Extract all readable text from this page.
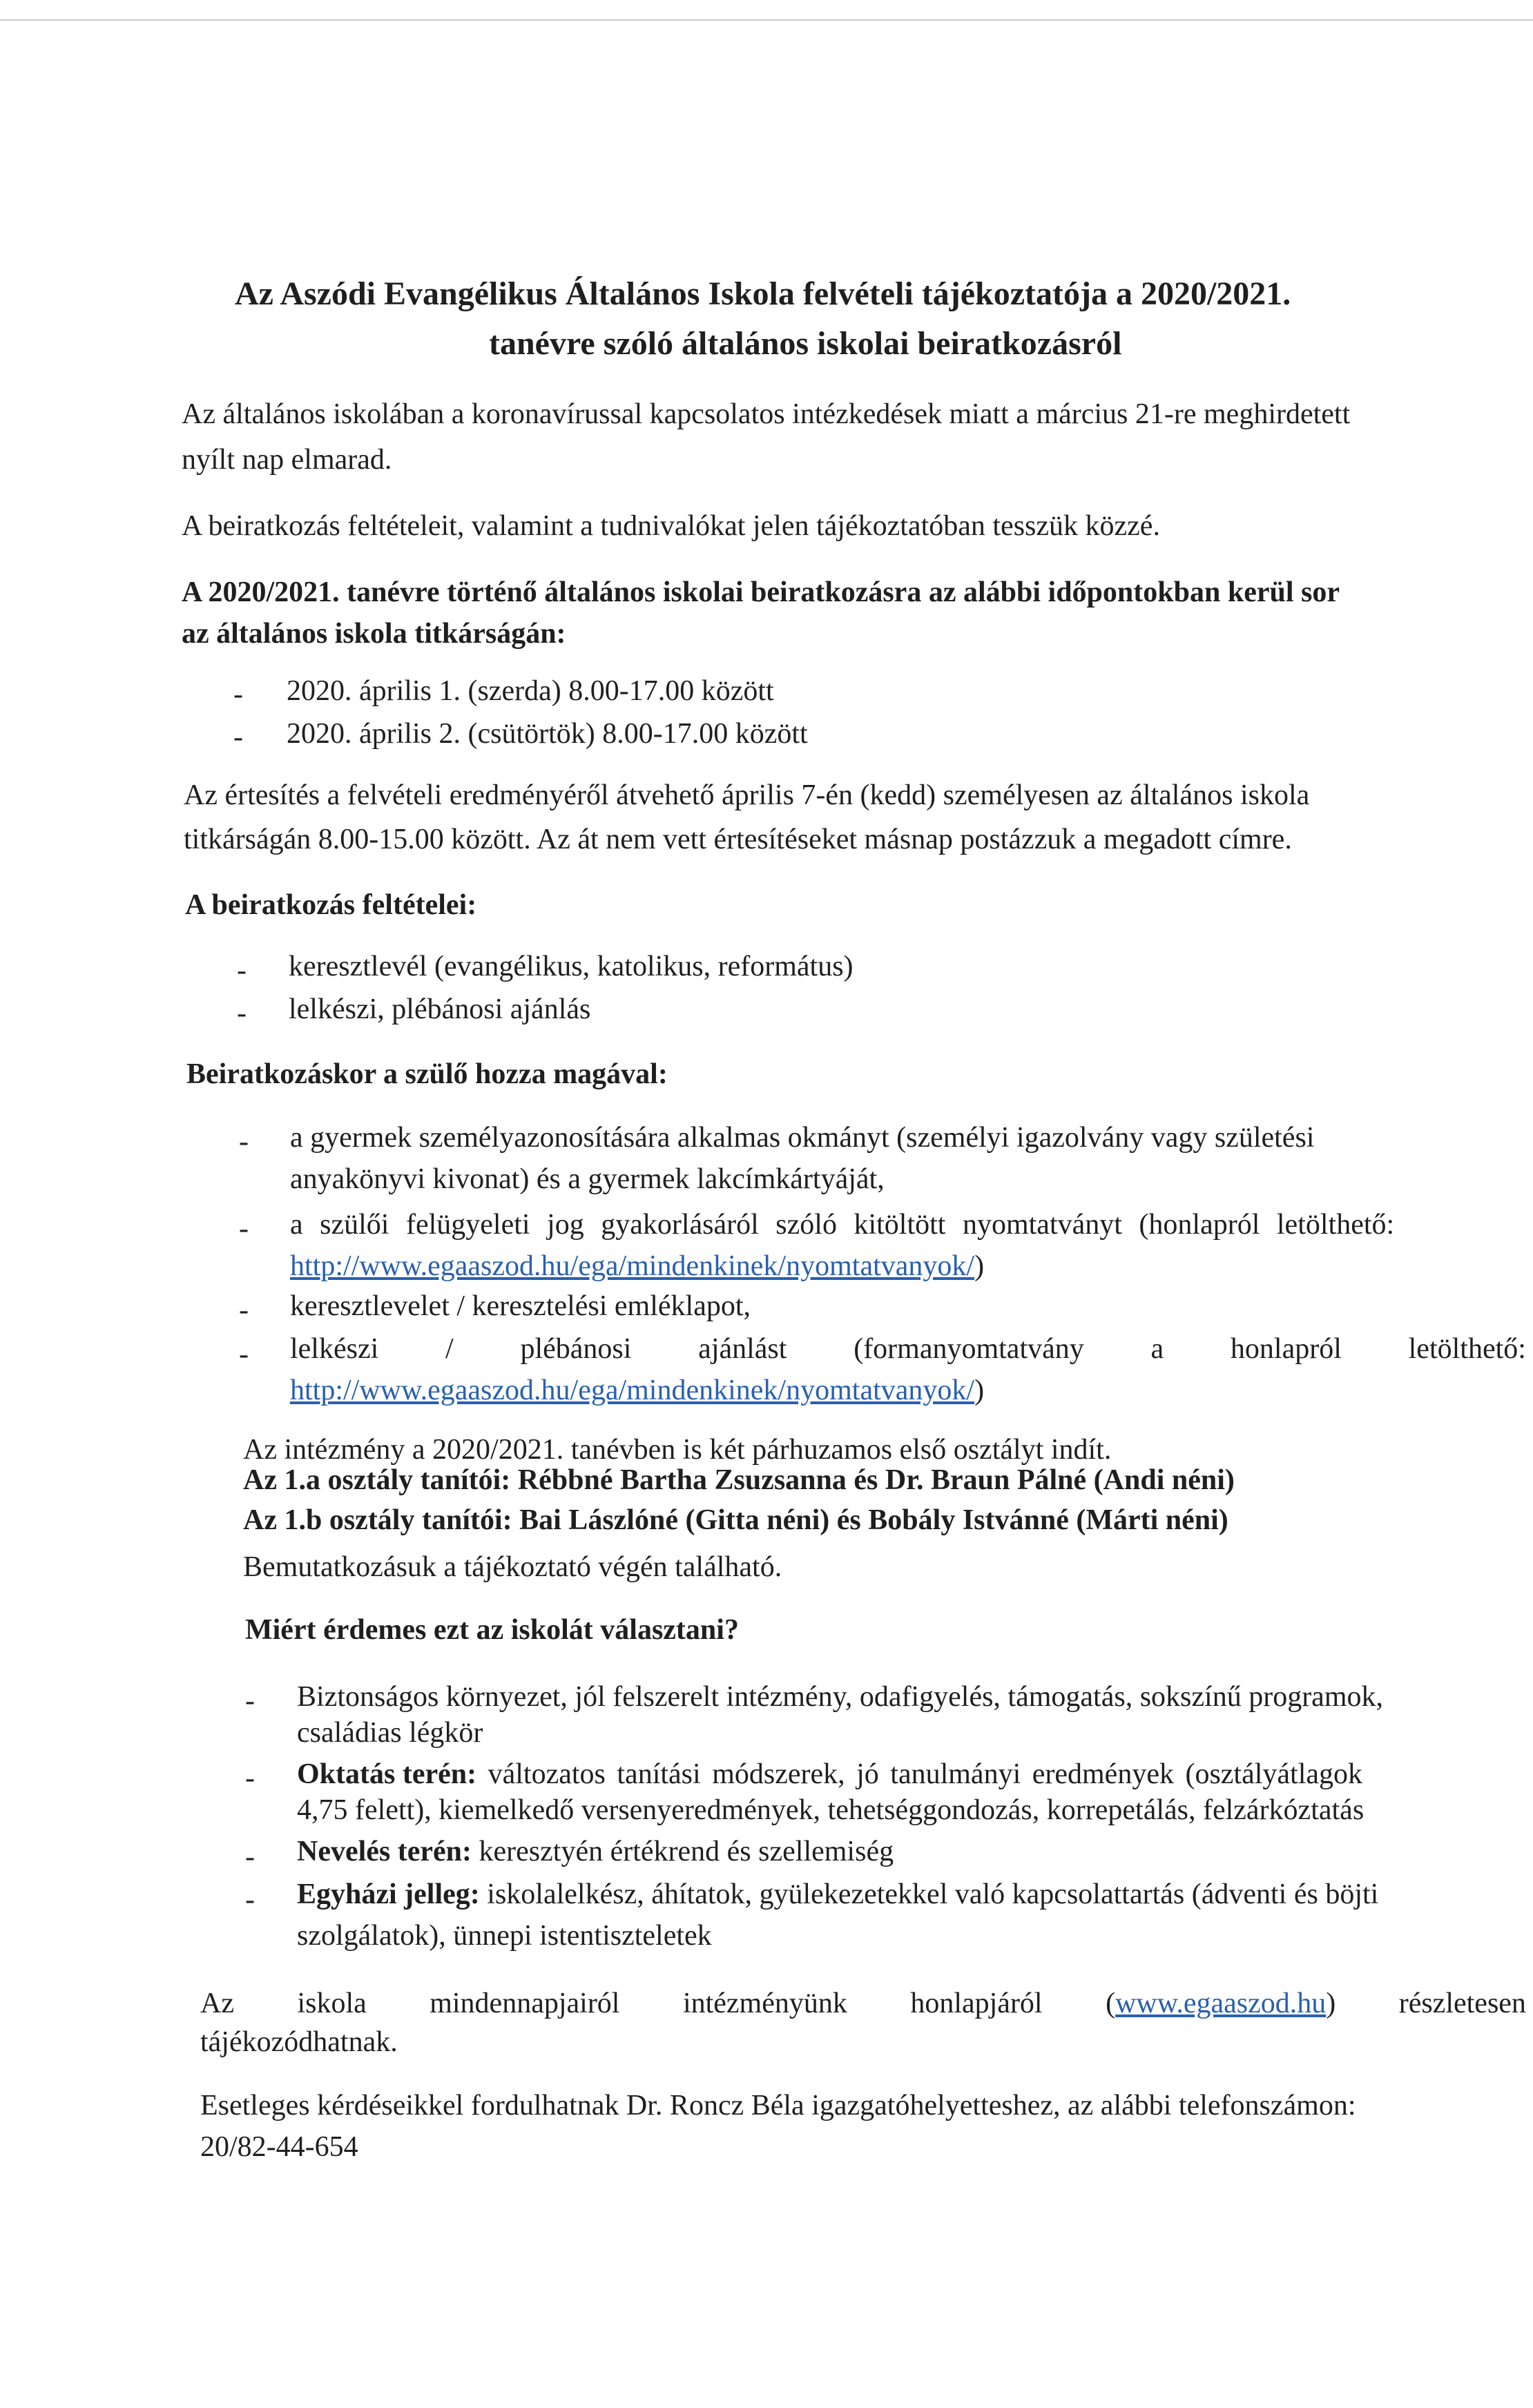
Az Aszódi Evangélikus Általános Iskola felvételi tájékoztatója a 2020/2021.
tanévre szóló általános iskolai beiratkozásról
Az általános iskolában a koronavírussal kapcsolatos intézkedések miatt a március 21-re meghirdetett
nyílt nap elmarad.
A beiratkozás feltételeit, valamint a tudnivalókat jelen tájékoztatóban tesszük közzé.
A 2020/2021. tanévre történő általános iskolai beiratkozásra az alábbi időpontokban kerül sor
az általános iskola titkárságán:
- 2020. április 1. (szerda) 8.00-17.00 között
- 2020. április 2. (csütörtök) 8.00-17.00 között
Az értesítés a felvételi eredményéről átvehető április 7-én (kedd) személyesen az általános iskola
titkárságán 8.00-15.00 között. Az át nem vett értesítéseket másnap postázzuk a megadott címre.
A beiratkozás feltételei:
- keresztlevél (evangélikus, katolikus, református)
- lelkészi, plébánosi ajánlás
Beiratkozáskor a szülő hozza magával:
- a gyermek személyazonosítására alkalmas okmányt (személyi igazolvány vagy születési
anyakönyvi kivonat) és a gyermek lakcímkártyáját,
- a szülői felügyeleti jog gyakorlásáról szóló kitöltött nyomtatványt (honlapról letölthető:
http://www.egaaszod.hu/ega/mindenkinek/nyomtatvanyok/)
- keresztlevelet / keresztelési emléklapot,
- lelkészi / plébánosi ajánlást (formanyomtatvány a honlapról letölthető:
http://www.egaaszod.hu/ega/mindenkinek/nyomtatvanyok/)
Az intézmény a 2020/2021. tanévben is két párhuzamos első osztályt indít.
Az 1.a osztály tanítói: Rébbné Bartha Zsuzsanna és Dr. Braun Pálné (Andi néni)
Az 1.b osztály tanítói: Bai Lászlóné (Gitta néni) és Bobály Istvánné (Márti néni)
Bemutatkozásuk a tájékoztató végén található.
Miért érdemes ezt az iskolát választani?
- Biztonságos környezet, jól felszerelt intézmény, odafigyelés, támogatás, sokszínű programok,
családias légkör
- Oktatás terén: változatos tanítási módszerek, jó tanulmányi eredmények (osztályátlagok
4,75 felett), kiemelkedő versenyeredmények, tehetséggondozás, korrepetálás, felzárkóztatás
- Nevelés terén: keresztyén értékrend és szellemiség
- Egyházi jelleg: iskolalelkész, áhítatok, gyülekezetekkel való kapcsolattartás (ádventi és böjti
szolgálatok), ünnepi istentiszteletek
Az iskola mindennapjairól intézményünk honlapjáról (www.egaaszod.hu) részletesen
tájékozódhatnak.
Esetleges kérdéseikkel fordulhatnak Dr. Roncz Béla igazgatóhelyetteshez, az alábbi telefonszámon:
20/82-44-654
